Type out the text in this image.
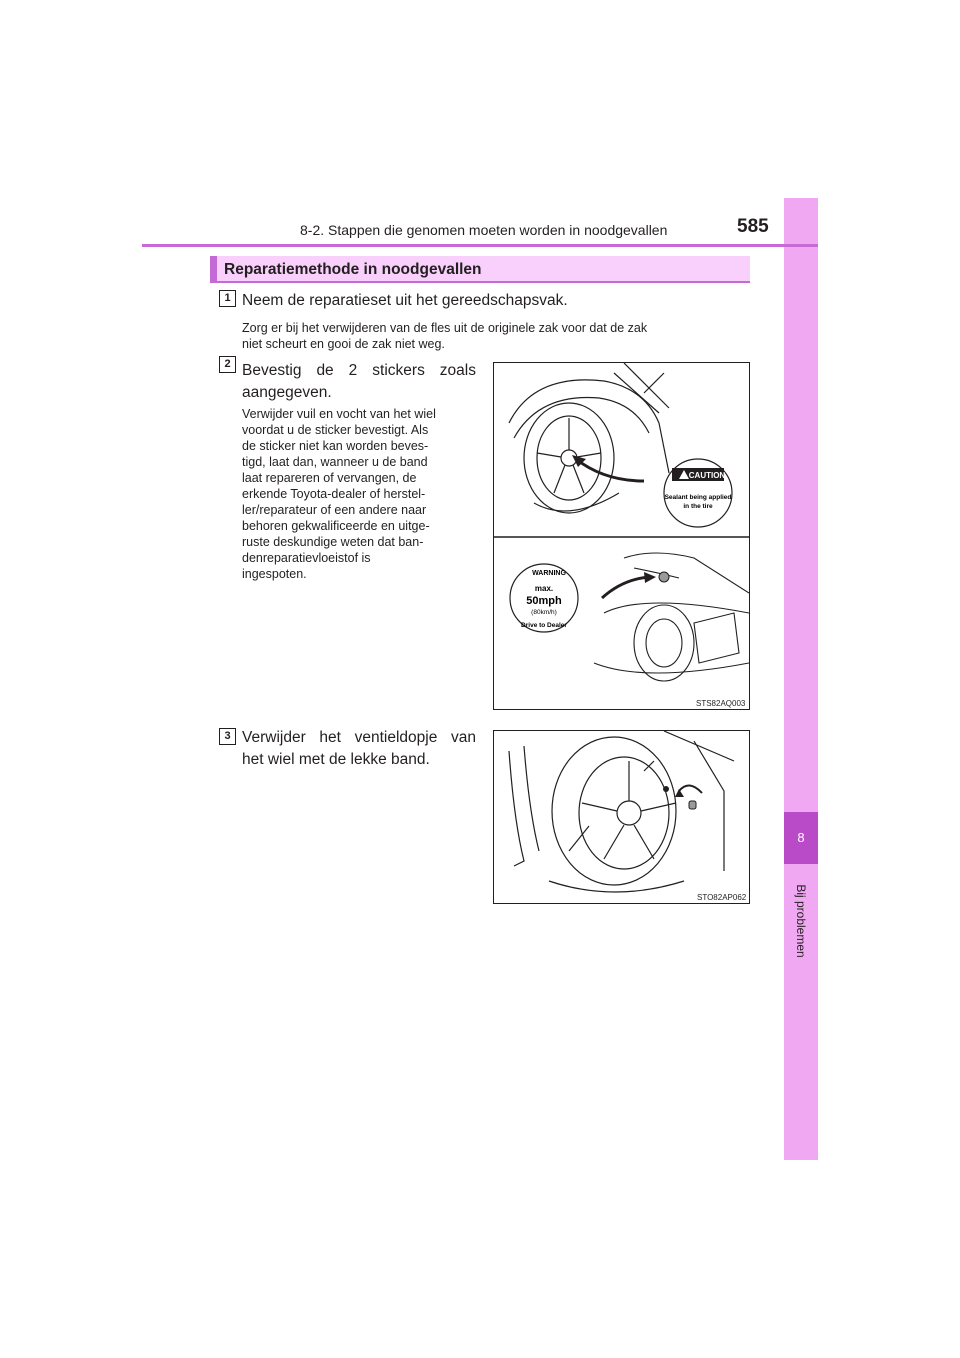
8
Bij problemen
8-2. Stappen die genomen moeten worden in noodgevallen	585
Reparatiemethode in noodgevallen
1 Neem de reparatieset uit het gereedschapsvak.
Zorg er bij het verwijderen van de fles uit de originele zak voor dat de zak
niet scheurt en gooi de zak niet weg.
2 Bevestig de 2 stickers zoals
aangegeven.
Verwijder vuil en vocht van het wiel
voordat u de sticker bevestigt. Als
de sticker niet kan worden beves-
tigd, laat dan, wanneer u de band
laat repareren of vervangen, de
erkende Toyota-dealer of herstel-
ler/reparateur of een andere naar
behoren gekwalificeerde en uitge-
ruste deskundige weten dat ban-
denreparatievloeistof is
ingespoten.
CAUTION
Sealant being applied
in the tire
WARNING
max.
50mph
(80km/h)
Drive to Dealer
STS82AQ003
3 Verwijder het ventieldopje van
het wiel met de lekke band.
STO82AP062
